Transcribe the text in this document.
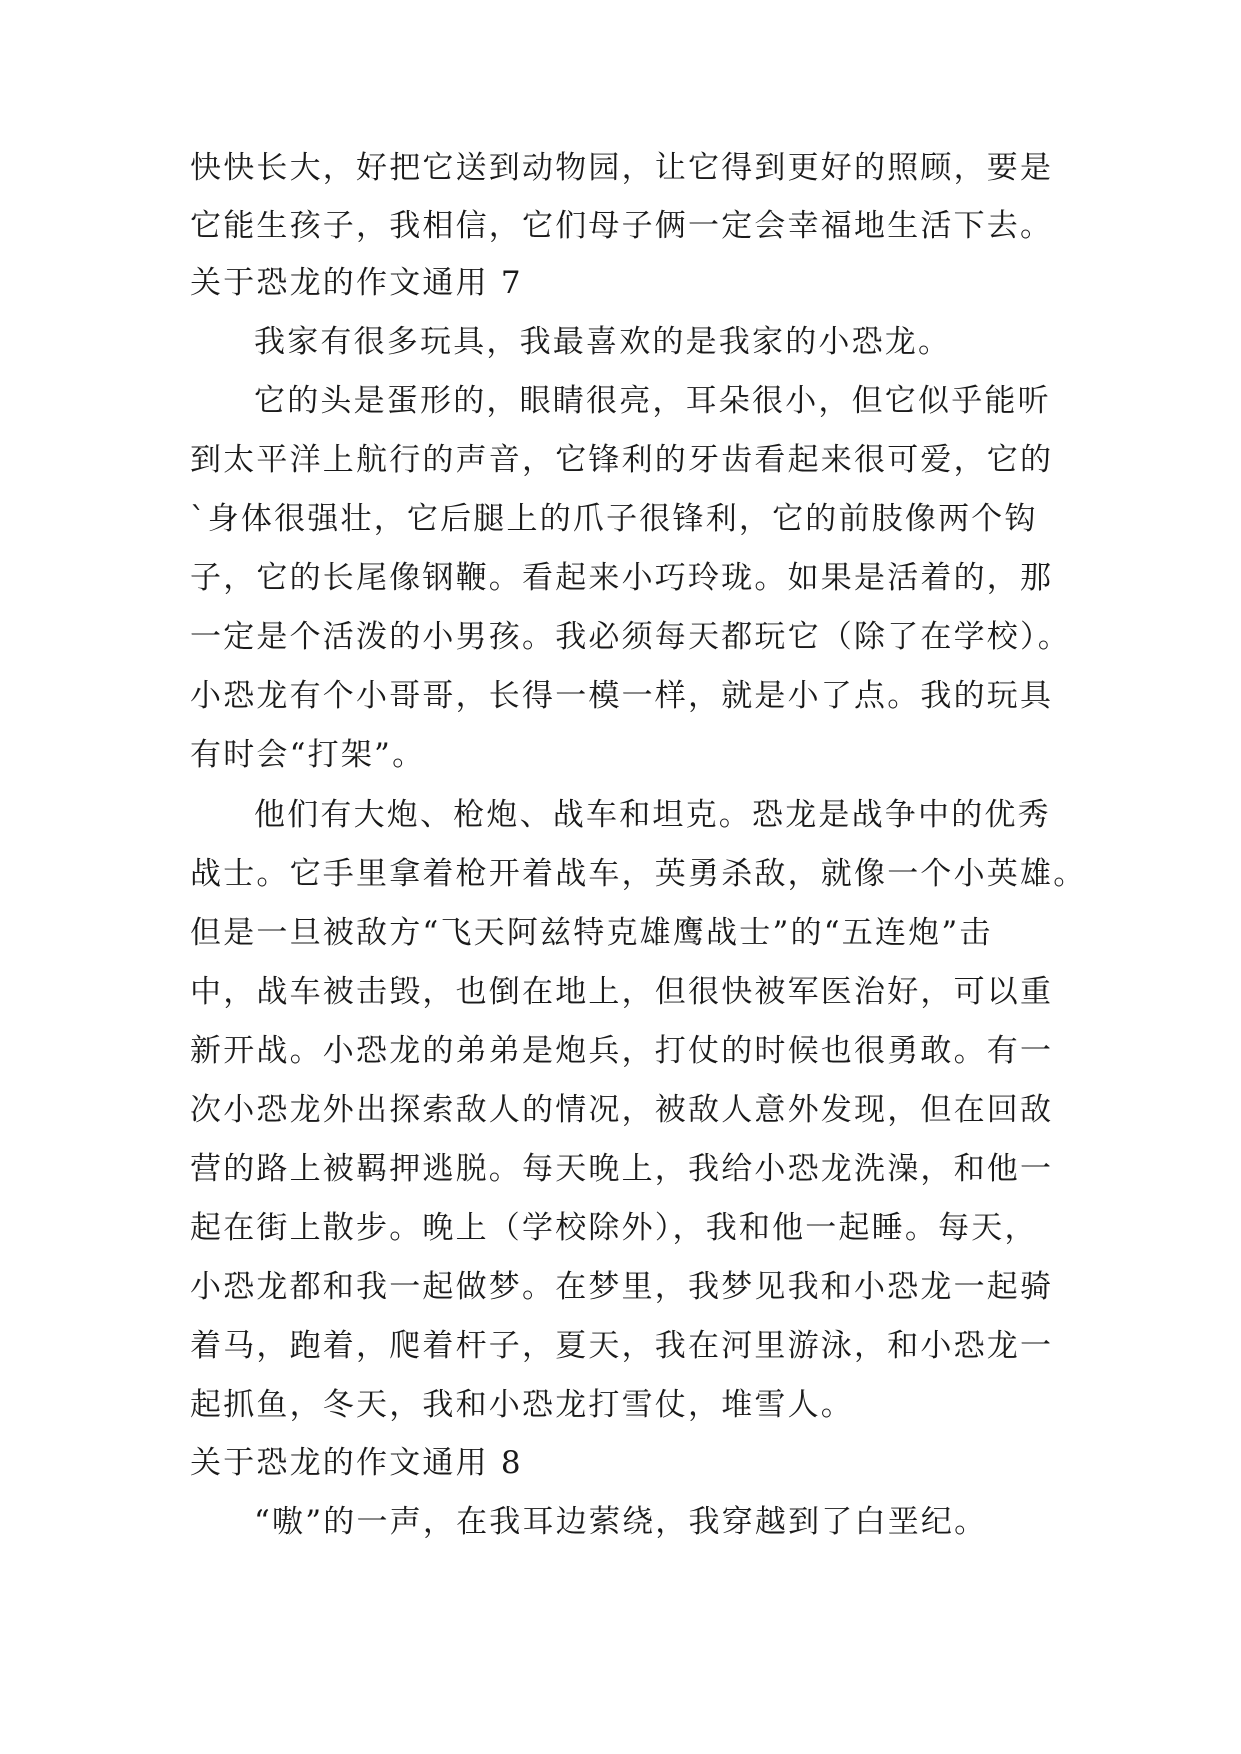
快快长大，好把它送到动物园，让它得到更好的照顾，要是
它能生孩子，我相信，它们母子俩一定会幸福地生活下去。
关于恐龙的作文通用 7
我家有很多玩具，我最喜欢的是我家的小恐龙。
它的头是蛋形的，眼睛很亮，耳朵很小，但它似乎能听
到太平洋上航行的声音，它锋利的牙齿看起来很可爱，它的
`身体很强壮，它后腿上的爪子很锋利，它的前肢像两个钩
子，它的长尾像钢鞭。看起来小巧玲珑。如果是活着的，那
一定是个活泼的小男孩。我必须每天都玩它（除了在学校）。
小恐龙有个小哥哥，长得一模一样，就是小了点。我的玩具
有时会“打架”。
他们有大炮、枪炮、战车和坦克。恐龙是战争中的优秀
战士。它手里拿着枪开着战车，英勇杀敌，就像一个小英雄。
但是一旦被敌方“飞天阿兹特克雄鹰战士”的“五连炮”击
中，战车被击毁，也倒在地上，但很快被军医治好，可以重
新开战。小恐龙的弟弟是炮兵，打仗的时候也很勇敢。有一
次小恐龙外出探索敌人的情况，被敌人意外发现，但在回敌
营的路上被羁押逃脱。每天晚上，我给小恐龙洗澡，和他一
起在街上散步。晚上（学校除外），我和他一起睡。每天，
小恐龙都和我一起做梦。在梦里，我梦见我和小恐龙一起骑
着马，跑着，爬着杆子，夏天，我在河里游泳，和小恐龙一
起抓鱼，冬天，我和小恐龙打雪仗，堆雪人。
关于恐龙的作文通用 8
“嗷”的一声，在我耳边萦绕，我穿越到了白垩纪。
